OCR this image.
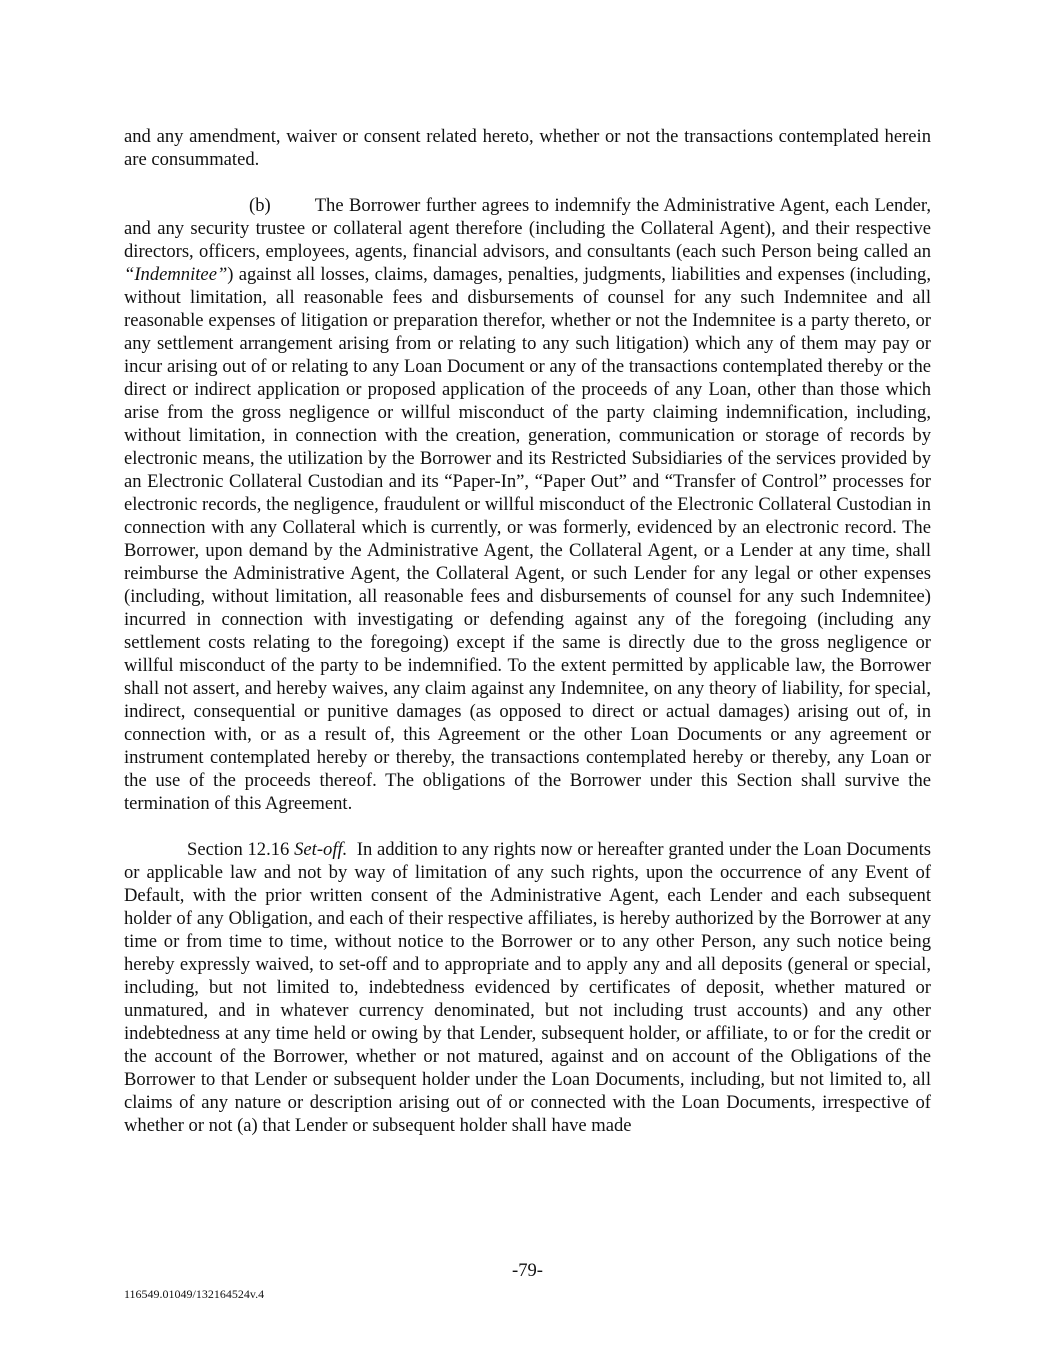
and any amendment, waiver or consent related hereto, whether or not the transactions contemplated herein are consummated.

(b) The Borrower further agrees to indemnify the Administrative Agent, each Lender, and any security trustee or collateral agent therefore (including the Collateral Agent), and their respective directors, officers, employees, agents, financial advisors, and consultants (each such Person being called an “Indemnitee”) against all losses, claims, damages, penalties, judgments, liabilities and expenses (including, without limitation, all reasonable fees and disbursements of counsel for any such Indemnitee and all reasonable expenses of litigation or preparation therefor, whether or not the Indemnitee is a party thereto, or any settlement arrangement arising from or relating to any such litigation) which any of them may pay or incur arising out of or relating to any Loan Document or any of the transactions contemplated thereby or the direct or indirect application or proposed application of the proceeds of any Loan, other than those which arise from the gross negligence or willful misconduct of the party claiming indemnification, including, without limitation, in connection with the creation, generation, communication or storage of records by electronic means, the utilization by the Borrower and its Restricted Subsidiaries of the services provided by an Electronic Collateral Custodian and its “Paper-In”, “Paper Out” and “Transfer of Control” processes for electronic records, the negligence, fraudulent or willful misconduct of the Electronic Collateral Custodian in connection with any Collateral which is currently, or was formerly, evidenced by an electronic record. The Borrower, upon demand by the Administrative Agent, the Collateral Agent, or a Lender at any time, shall reimburse the Administrative Agent, the Collateral Agent, or such Lender for any legal or other expenses (including, without limitation, all reasonable fees and disbursements of counsel for any such Indemnitee) incurred in connection with investigating or defending against any of the foregoing (including any settlement costs relating to the foregoing) except if the same is directly due to the gross negligence or willful misconduct of the party to be indemnified. To the extent permitted by applicable law, the Borrower shall not assert, and hereby waives, any claim against any Indemnitee, on any theory of liability, for special, indirect, consequential or punitive damages (as opposed to direct or actual damages) arising out of, in connection with, or as a result of, this Agreement or the other Loan Documents or any agreement or instrument contemplated hereby or thereby, the transactions contemplated hereby or thereby, any Loan or the use of the proceeds thereof. The obligations of the Borrower under this Section shall survive the termination of this Agreement.

Section 12.16 Set-off. In addition to any rights now or hereafter granted under the Loan Documents or applicable law and not by way of limitation of any such rights, upon the occurrence of any Event of Default, with the prior written consent of the Administrative Agent, each Lender and each subsequent holder of any Obligation, and each of their respective affiliates, is hereby authorized by the Borrower at any time or from time to time, without notice to the Borrower or to any other Person, any such notice being hereby expressly waived, to set-off and to appropriate and to apply any and all deposits (general or special, including, but not limited to, indebtedness evidenced by certificates of deposit, whether matured or unmatured, and in whatever currency denominated, but not including trust accounts) and any other indebtedness at any time held or owing by that Lender, subsequent holder, or affiliate, to or for the credit or the account of the Borrower, whether or not matured, against and on account of the Obligations of the Borrower to that Lender or subsequent holder under the Loan Documents, including, but not limited to, all claims of any nature or description arising out of or connected with the Loan Documents, irrespective of whether or not (a) that Lender or subsequent holder shall have made

-79-
116549.01049/132164524v.4
